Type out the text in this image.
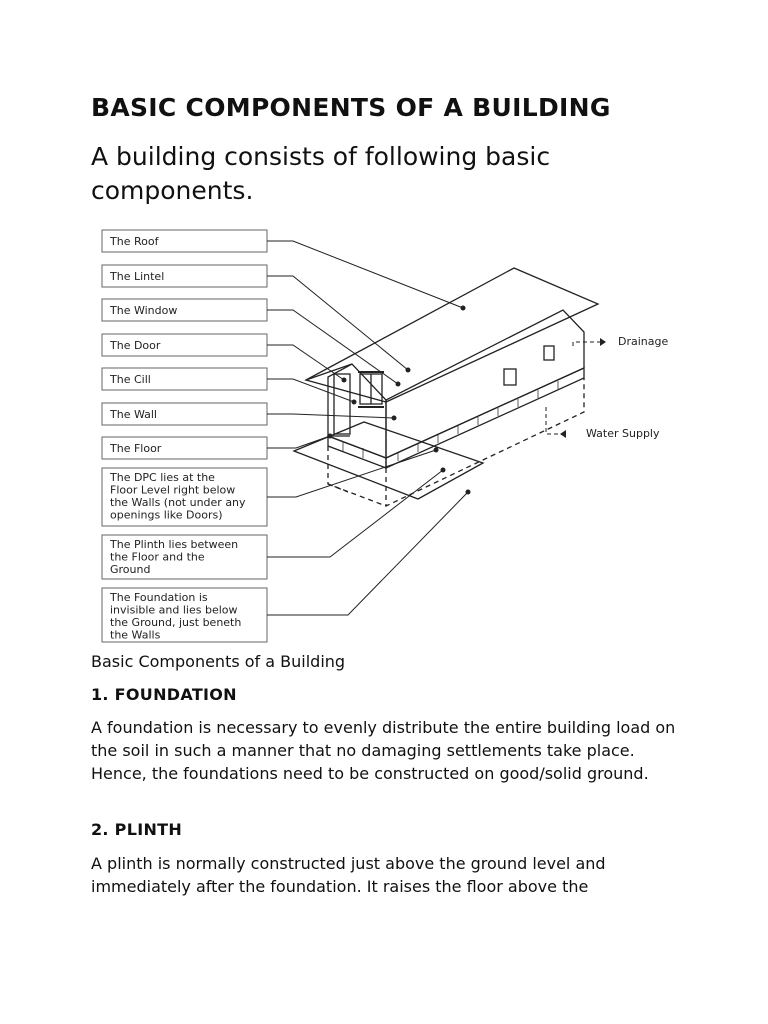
BASIC COMPONENTS OF A BUILDING

A building consists of following basic components.

The Roof
The Lintel
The Window
The Door
The Cill
The Wall
The Floor
The DPC lies at the
Floor Level right below
the Walls (not under any
openings like Doors)
The Plinth lies between
the Floor and the
Ground
The Foundation is
invisible and lies below
the Ground, just beneth
the Walls
Drainage
Water Supply

Basic Components of a Building

1. FOUNDATION

A foundation is necessary to evenly distribute the entire building load on the soil in such a manner that no damaging settlements take place. Hence, the foundations need to be constructed on good/solid ground.

2. PLINTH

A plinth is normally constructed just above the ground level and immediately after the foundation. It raises the floor above the
